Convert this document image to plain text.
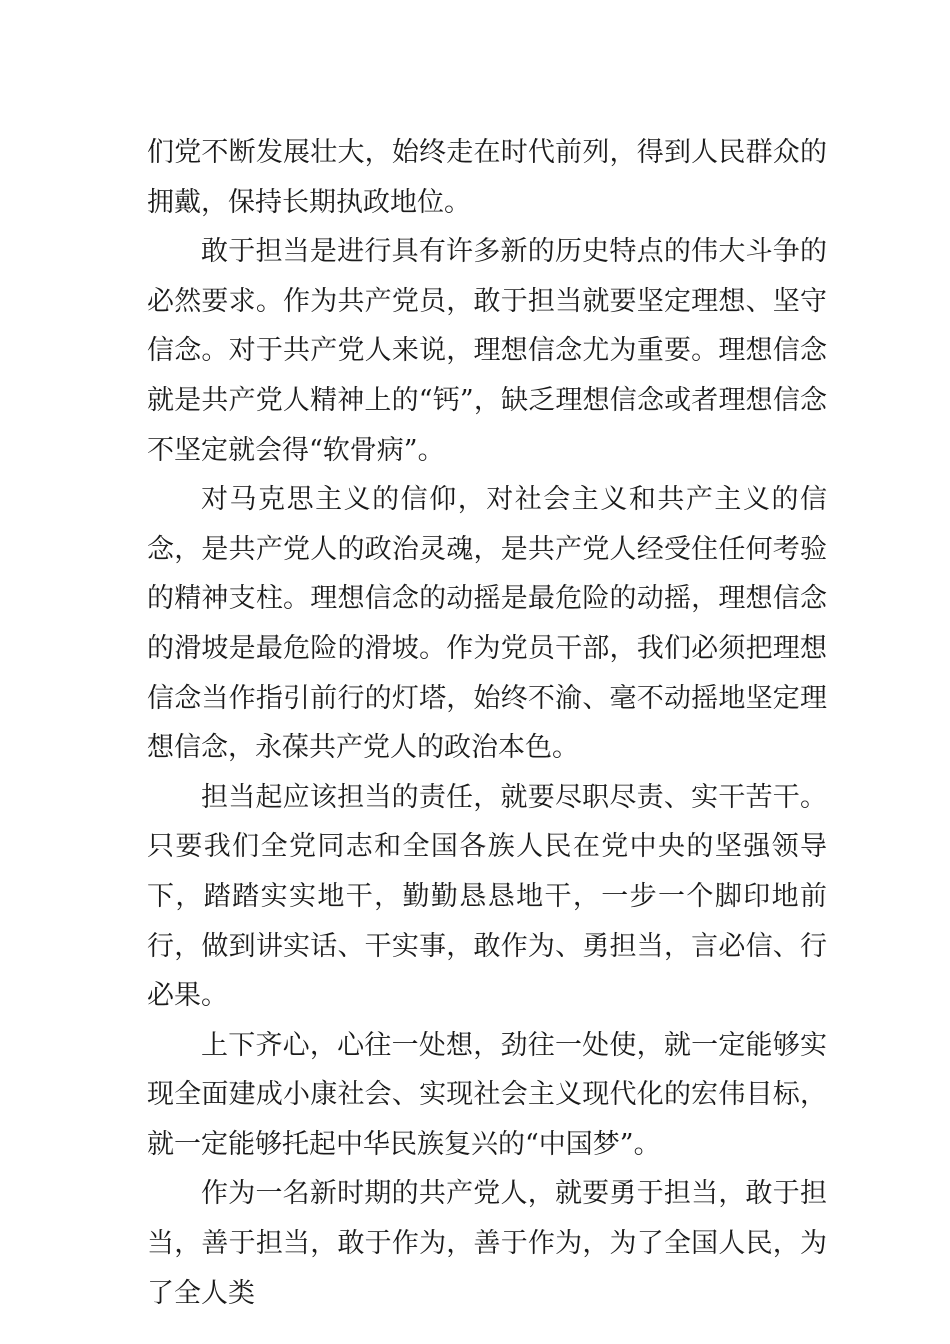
们党不断发展壮大，始终走在时代前列，得到人民群众的拥戴，保持长期执政地位。

敢于担当是进行具有许多新的历史特点的伟大斗争的必然要求。作为共产党员，敢于担当就要坚定理想、坚守信念。对于共产党人来说，理想信念尤为重要。理想信念就是共产党人精神上的“钙”，缺乏理想信念或者理想信念不坚定就会得“软骨病”。

对马克思主义的信仰，对社会主义和共产主义的信念，是共产党人的政治灵魂，是共产党人经受住任何考验的精神支柱。理想信念的动摇是最危险的动摇，理想信念的滑坡是最危险的滑坡。作为党员干部，我们必须把理想信念当作指引前行的灯塔，始终不渝、毫不动摇地坚定理想信念，永葆共产党人的政治本色。

担当起应该担当的责任，就要尽职尽责、实干苦干。只要我们全党同志和全国各族人民在党中央的坚强领导下，踏踏实实地干，勤勤恳恳地干，一步一个脚印地前行，做到讲实话、干实事，敢作为、勇担当，言必信、行必果。

上下齐心，心往一处想，劲往一处使，就一定能够实现全面建成小康社会、实现社会主义现代化的宏伟目标，就一定能够托起中华民族复兴的“中国梦”。

作为一名新时期的共产党人，就要勇于担当，敢于担当，善于担当，敢于作为，善于作为，为了全国人民，为了全人类
